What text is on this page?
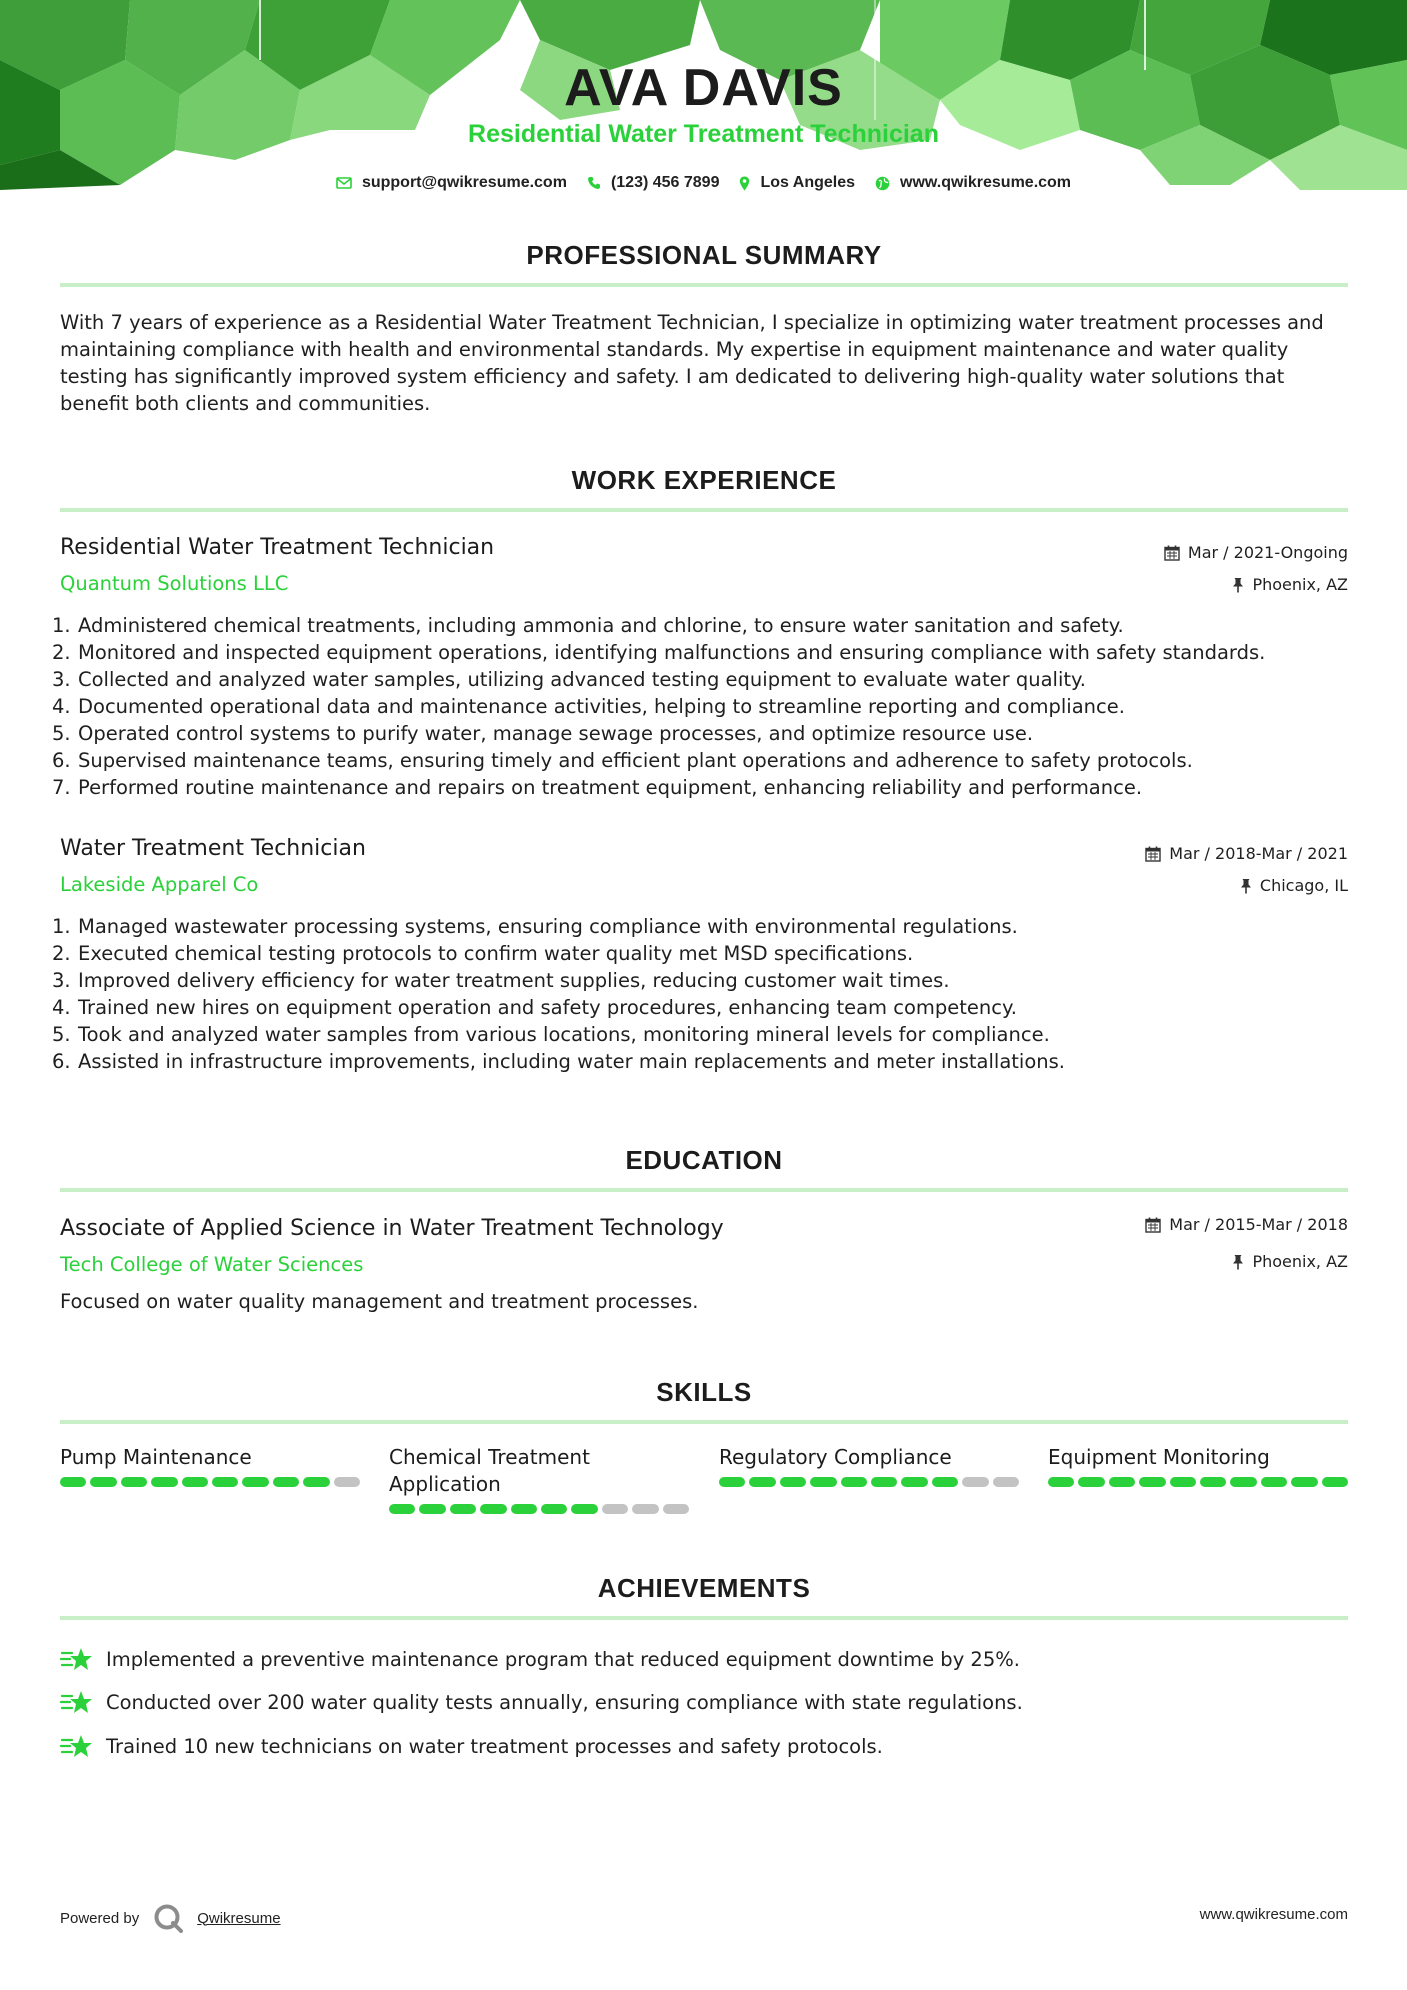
AVA DAVIS
Residential Water Treatment Technician
support@qwikresume.com	(123) 456 7899	Los Angeles	www.qwikresume.com
PROFESSIONAL SUMMARY

With 7 years of experience as a Residential Water Treatment Technician, I specialize in optimizing water treatment processes and maintaining compliance with health and environmental standards. My expertise in equipment maintenance and water quality testing has significantly improved system efficiency and safety. I am dedicated to delivering high-quality water solutions that benefit both clients and communities.

WORK EXPERIENCE
Residential Water Treatment Technician
Quantum Solutions LLC
Mar / 2021-Ongoing
Phoenix, AZ
1. Administered chemical treatments, including ammonia and chlorine, to ensure water sanitation and safety.
2. Monitored and inspected equipment operations, identifying malfunctions and ensuring compliance with safety standards.
3. Collected and analyzed water samples, utilizing advanced testing equipment to evaluate water quality.
4. Documented operational data and maintenance activities, helping to streamline reporting and compliance.
5. Operated control systems to purify water, manage sewage processes, and optimize resource use.
6. Supervised maintenance teams, ensuring timely and efficient plant operations and adherence to safety protocols.
7. Performed routine maintenance and repairs on treatment equipment, enhancing reliability and performance.
Water Treatment Technician
Lakeside Apparel Co
Mar / 2018-Mar / 2021
Chicago, IL
1. Managed wastewater processing systems, ensuring compliance with environmental regulations.
2. Executed chemical testing protocols to confirm water quality met MSD specifications.
3. Improved delivery efficiency for water treatment supplies, reducing customer wait times.
4. Trained new hires on equipment operation and safety procedures, enhancing team competency.
5. Took and analyzed water samples from various locations, monitoring mineral levels for compliance.
6. Assisted in infrastructure improvements, including water main replacements and meter installations.
EDUCATION
Associate of Applied Science in Water Treatment Technology
Tech College of Water Sciences
Mar / 2015-Mar / 2018
Phoenix, AZ
Focused on water quality management and treatment processes.
SKILLS
Pump Maintenance	Chemical Treatment Application
Regulatory Compliance	Equipment Monitoring
ACHIEVEMENTS
Implemented a preventive maintenance program that reduced equipment downtime by 25%.
Conducted over 200 water quality tests annually, ensuring compliance with state regulations.
Trained 10 new technicians on water treatment processes and safety protocols.
Powered by	Qwikresume	www.qwikresume.com
